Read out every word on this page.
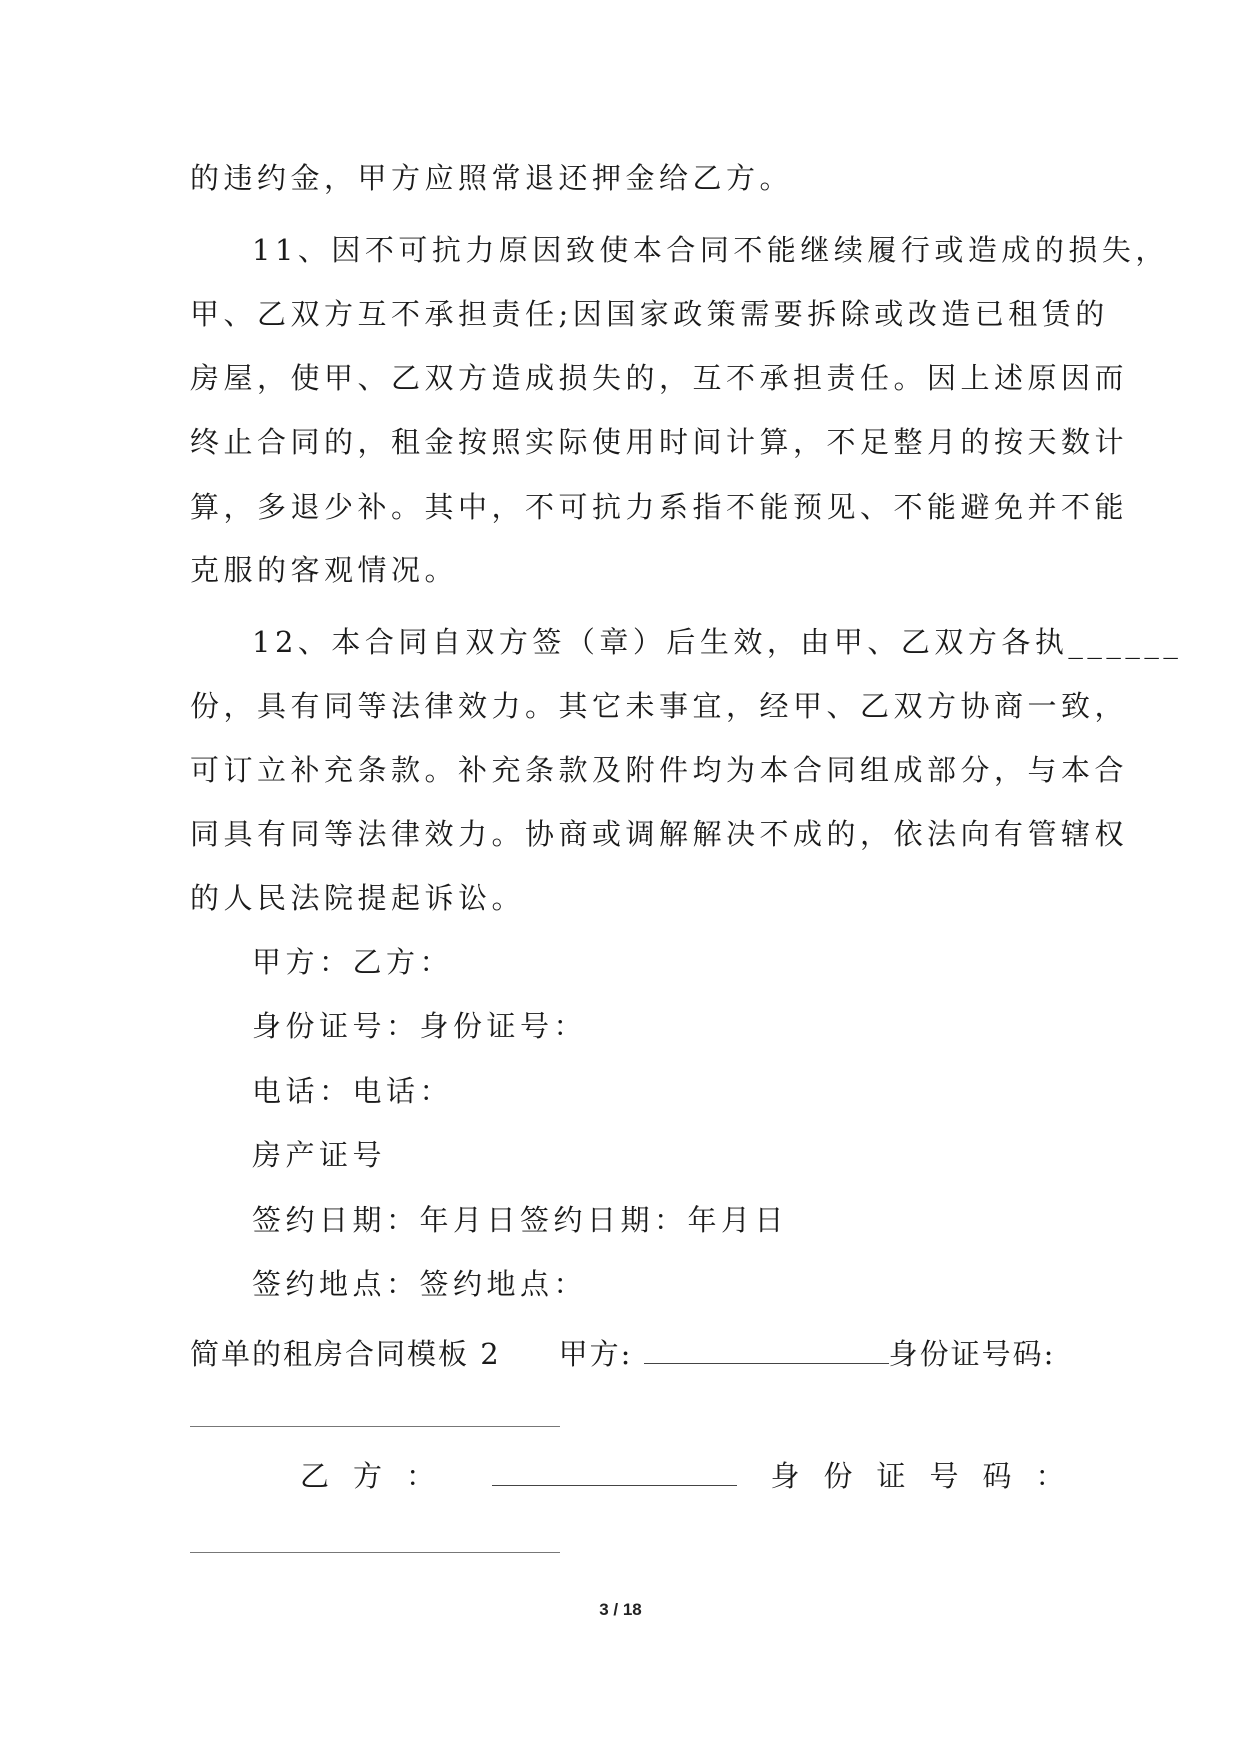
的违约金，甲方应照常退还押金给乙方。
11、因不可抗力原因致使本合同不能继续履行或造成的损失，
甲、乙双方互不承担责任;因国家政策需要拆除或改造已租赁的
房屋，使甲、乙双方造成损失的，互不承担责任。因上述原因而
终止合同的，租金按照实际使用时间计算，不足整月的按天数计
算，多退少补。其中，不可抗力系指不能预见、不能避免并不能
克服的客观情况。
12、本合同自双方签（章）后生效，由甲、乙双方各执______
份，具有同等法律效力。其它未事宜，经甲、乙双方协商一致，
可订立补充条款。补充条款及附件均为本合同组成部分，与本合
同具有同等法律效力。协商或调解解决不成的，依法向有管辖权
的人民法院提起诉讼。
甲方：乙方：
身份证号：身份证号：
电话：电话：
房产证号
签约日期：年月日签约日期：年月日
签约地点：签约地点：
简单的租房合同模板 2 甲方:	身份证号码:
乙方：	身份证号码：
3 / 18
